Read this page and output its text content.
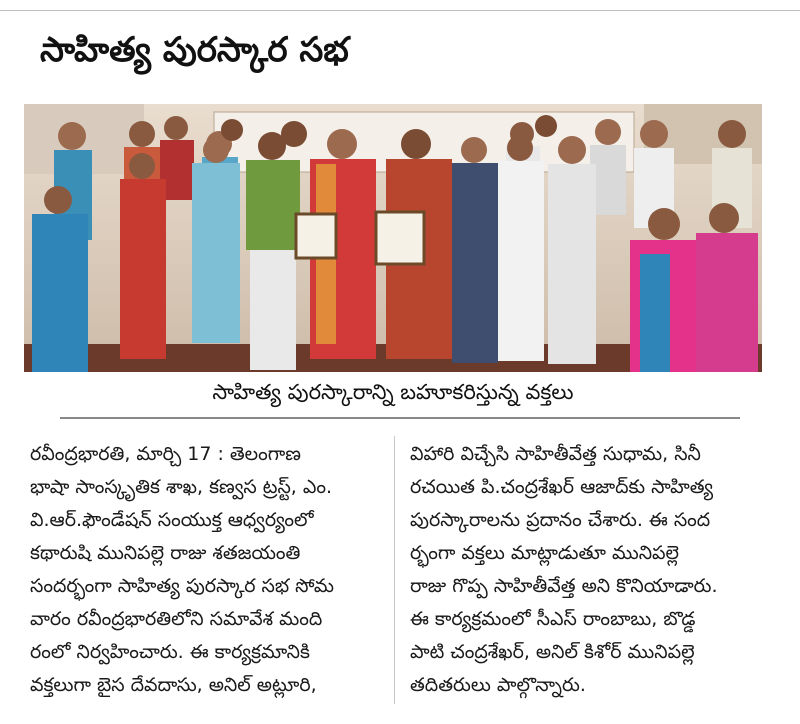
సాహిత్య పురస్కార సభ
సాహిత్య పురస్కారాన్ని బహూకరిస్తున్న వక్తలు
రవీంద్రభారతి, మార్చి 17 : తెలంగాణ
భాషా సాంస్కృతిక శాఖ, కణ్వస ట్రస్ట్, ఎం.
వి.ఆర్.ఫౌండేషన్ సంయుక్త ఆధ్వర్యంలో
కథారుషి మునిపల్లె రాజు శతజయంతి
సందర్భంగా సాహిత్య పురస్కార సభ సోమ
వారం రవీంద్రభారతిలోని సమావేశ మంది
రంలో నిర్వహించారు. ఈ కార్యక్రమానికి
వక్తలుగా బైస దేవదాసు, అనిల్ అట్లూరి,
విహారి విచ్చేసి సాహితీవేత్త సుధామ, సినీ
రచయిత పి.చంద్రశేఖర్ ఆజాద్‌కు సాహిత్య
పురస్కారాలను ప్రదానం చేశారు. ఈ సంద
ర్భంగా వక్తలు మాట్లాడుతూ మునిపల్లె
రాజు గొప్ప సాహితీవేత్త అని కొనియాడారు.
ఈ కార్యక్రమంలో సీఎస్ రాంబాబు, బొడ్డ
పాటి చంద్రశేఖర్, అనిల్ కిశోర్ మునిపల్లె
తదితరులు పాల్గొన్నారు.
